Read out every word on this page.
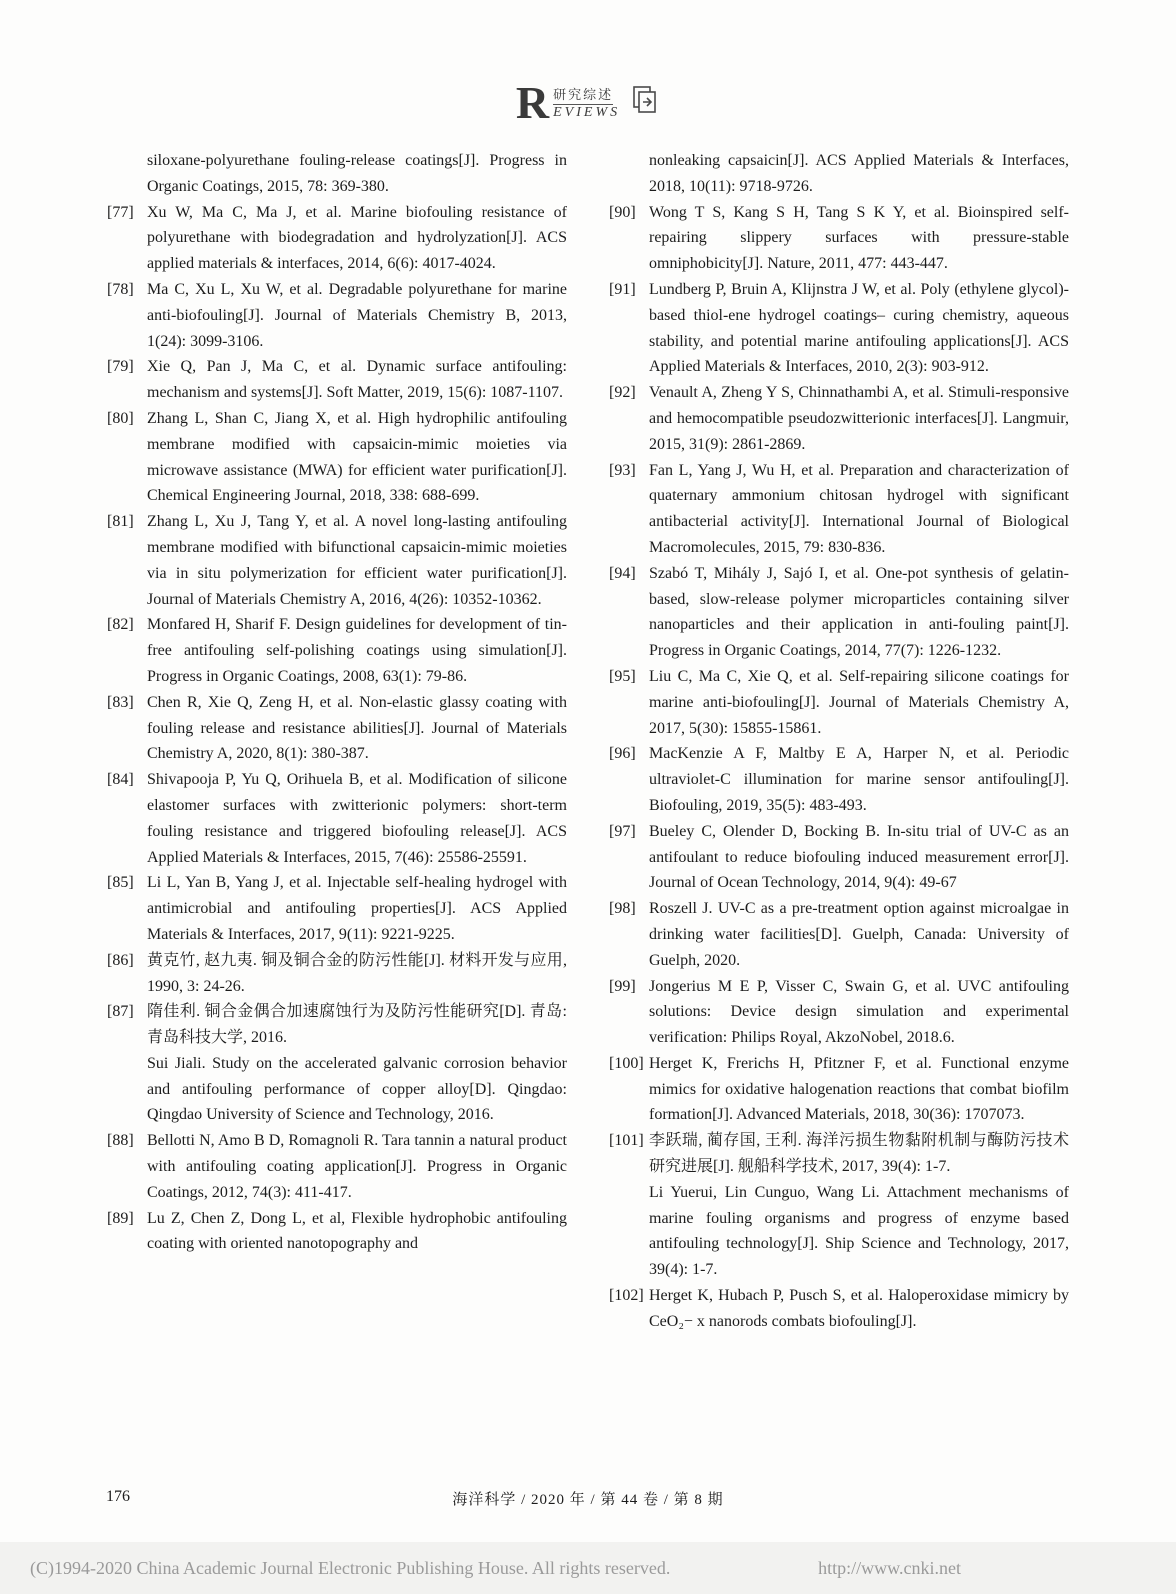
R 研究综述
EVIEWS
siloxane-polyurethane fouling-release coatings[J]. Progress in Organic Coatings, 2015, 78: 369-380.
[77] Xu W, Ma C, Ma J, et al. Marine biofouling resistance of polyurethane with biodegradation and hydrolyzation[J]. ACS applied materials & interfaces, 2014, 6(6): 4017-4024.
[78] Ma C, Xu L, Xu W, et al. Degradable polyurethane for marine anti-biofouling[J]. Journal of Materials Chemistry B, 2013, 1(24): 3099-3106.
[79] Xie Q, Pan J, Ma C, et al. Dynamic surface antifouling: mechanism and systems[J]. Soft Matter, 2019, 15(6): 1087-1107.
[80] Zhang L, Shan C, Jiang X, et al. High hydrophilic antifouling membrane modified with capsaicin-mimic moieties via microwave assistance (MWA) for efficient water purification[J]. Chemical Engineering Journal, 2018, 338: 688-699.
[81] Zhang L, Xu J, Tang Y, et al. A novel long-lasting antifouling membrane modified with bifunctional capsaicin-mimic moieties via in situ polymerization for efficient water purification[J]. Journal of Materials Chemistry A, 2016, 4(26): 10352-10362.
[82] Monfared H, Sharif F. Design guidelines for development of tin-free antifouling self-polishing coatings using simulation[J]. Progress in Organic Coatings, 2008, 63(1): 79-86.
[83] Chen R, Xie Q, Zeng H, et al. Non-elastic glassy coating with fouling release and resistance abilities[J]. Journal of Materials Chemistry A, 2020, 8(1): 380-387.
[84] Shivapooja P, Yu Q, Orihuela B, et al. Modification of silicone elastomer surfaces with zwitterionic polymers: short-term fouling resistance and triggered biofouling release[J]. ACS Applied Materials & Interfaces, 2015, 7(46): 25586-25591.
[85] Li L, Yan B, Yang J, et al. Injectable self-healing hydrogel with antimicrobial and antifouling properties[J]. ACS Applied Materials & Interfaces, 2017, 9(11): 9221-9225.
[86] 黄克竹, 赵九夷. 铜及铜合金的防污性能[J]. 材料开发与应用, 1990, 3: 24-26.
[87] 隋佳利. 铜合金偶合加速腐蚀行为及防污性能研究[D]. 青岛: 青岛科技大学, 2016.
Sui Jiali. Study on the accelerated galvanic corrosion behavior and antifouling performance of copper alloy[D]. Qingdao: Qingdao University of Science and Technology, 2016.
[88] Bellotti N, Amo B D, Romagnoli R. Tara tannin a natural product with antifouling coating application[J]. Progress in Organic Coatings, 2012, 74(3): 411-417.
[89] Lu Z, Chen Z, Dong L, et al, Flexible hydrophobic antifouling coating with oriented nanotopography and
nonleaking capsaicin[J]. ACS Applied Materials & Interfaces, 2018, 10(11): 9718-9726.
[90] Wong T S, Kang S H, Tang S K Y, et al. Bioinspired self-repairing slippery surfaces with pressure-stable omniphobicity[J]. Nature, 2011, 477: 443-447.
[91] Lundberg P, Bruin A, Klijnstra J W, et al. Poly (ethylene glycol)-based thiol-ene hydrogel coatings– curing chemistry, aqueous stability, and potential marine antifouling applications[J]. ACS Applied Materials & Interfaces, 2010, 2(3): 903-912.
[92] Venault A, Zheng Y S, Chinnathambi A, et al. Stimuli-responsive and hemocompatible pseudozwitterionic interfaces[J]. Langmuir, 2015, 31(9): 2861-2869.
[93] Fan L, Yang J, Wu H, et al. Preparation and characterization of quaternary ammonium chitosan hydrogel with significant antibacterial activity[J]. International Journal of Biological Macromolecules, 2015, 79: 830-836.
[94] Szabó T, Mihály J, Sajó I, et al. One-pot synthesis of gelatin-based, slow-release polymer microparticles containing silver nanoparticles and their application in anti-fouling paint[J]. Progress in Organic Coatings, 2014, 77(7): 1226-1232.
[95] Liu C, Ma C, Xie Q, et al. Self-repairing silicone coatings for marine anti-biofouling[J]. Journal of Materials Chemistry A, 2017, 5(30): 15855-15861.
[96] MacKenzie A F, Maltby E A, Harper N, et al. Periodic ultraviolet-C illumination for marine sensor antifouling[J]. Biofouling, 2019, 35(5): 483-493.
[97] Bueley C, Olender D, Bocking B. In-situ trial of UV-C as an antifoulant to reduce biofouling induced measurement error[J]. Journal of Ocean Technology, 2014, 9(4): 49-67
[98] Roszell J. UV-C as a pre-treatment option against microalgae in drinking water facilities[D]. Guelph, Canada: University of Guelph, 2020.
[99] Jongerius M E P, Visser C, Swain G, et al. UVC antifouling solutions: Device design simulation and experimental verification: Philips Royal, AkzoNobel, 2018.6.
[100] Herget K, Frerichs H, Pfitzner F, et al. Functional enzyme mimics for oxidative halogenation reactions that combat biofilm formation[J]. Advanced Materials, 2018, 30(36): 1707073.
[101] 李跃瑞, 蔺存国, 王利. 海洋污损生物黏附机制与酶防污技术研究进展[J]. 舰船科学技术, 2017, 39(4): 1-7.
Li Yuerui, Lin Cunguo, Wang Li. Attachment mechanisms of marine fouling organisms and progress of enzyme based antifouling technology[J]. Ship Science and Technology, 2017, 39(4): 1-7.
[102] Herget K, Hubach P, Pusch S, et al. Haloperoxidase mimicry by CeO₂− x nanorods combats biofouling[J].
176	海洋科学 / 2020 年 / 第 44 卷 / 第 8 期
(C)1994-2020 China Academic Journal Electronic Publishing House. All rights reserved.	http://www.cnki.net
